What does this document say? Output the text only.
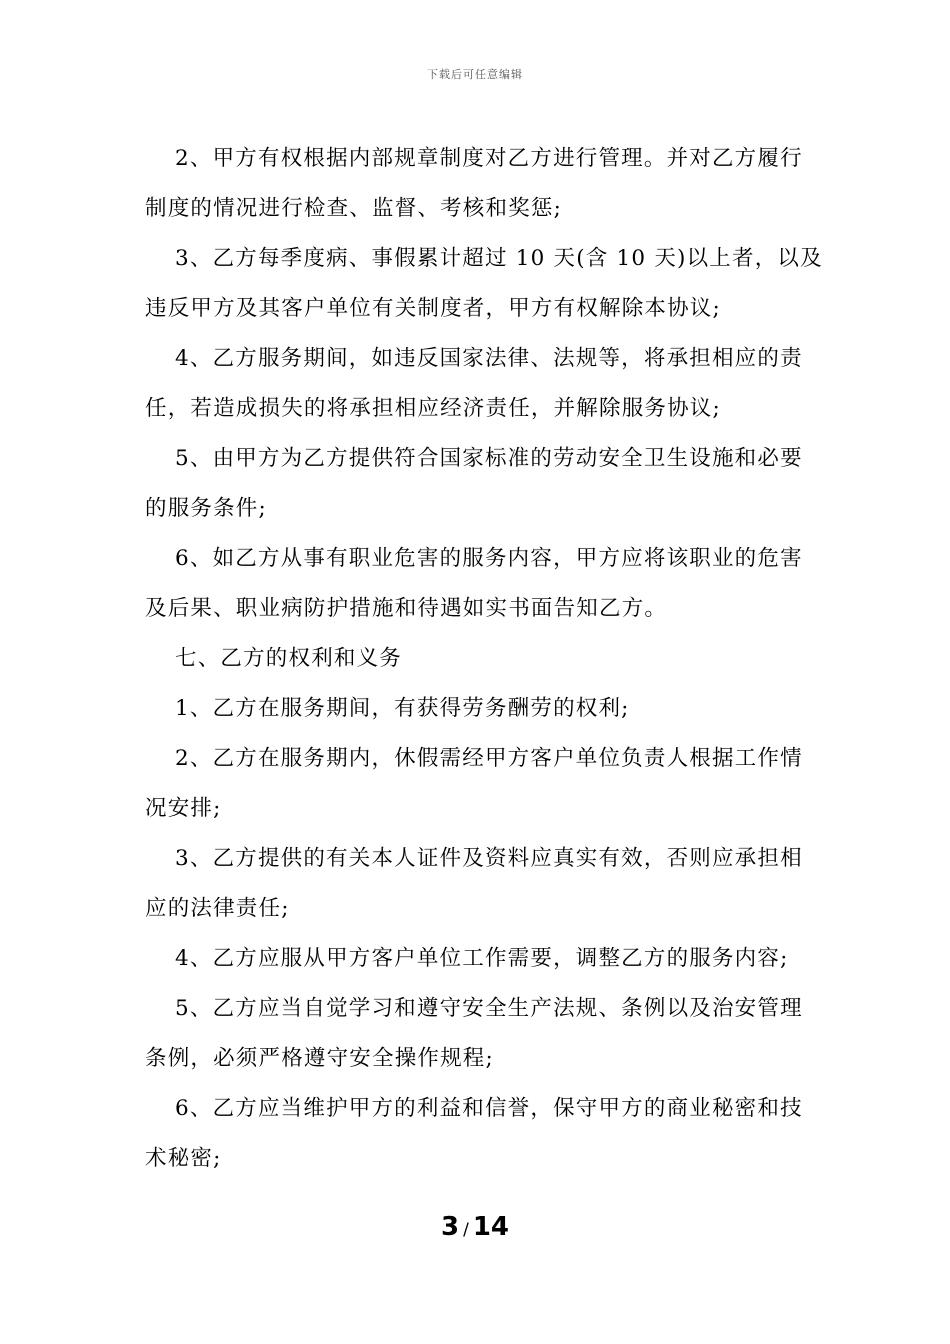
下载后可任意编辑
2、甲方有权根据内部规章制度对乙方进行管理。并对乙方履行
制度的情况进行检查、监督、考核和奖惩;
3、乙方每季度病、事假累计超过 10 天(含 10 天)以上者，以及
违反甲方及其客户单位有关制度者，甲方有权解除本协议;
4、乙方服务期间，如违反国家法律、法规等，将承担相应的责
任，若造成损失的将承担相应经济责任，并解除服务协议;
5、由甲方为乙方提供符合国家标准的劳动安全卫生设施和必要
的服务条件;
6、如乙方从事有职业危害的服务内容，甲方应将该职业的危害
及后果、职业病防护措施和待遇如实书面告知乙方。
七、乙方的权利和义务
1、乙方在服务期间，有获得劳务酬劳的权利;
2、乙方在服务期内，休假需经甲方客户单位负责人根据工作情
况安排;
3、乙方提供的有关本人证件及资料应真实有效，否则应承担相
应的法律责任;
4、乙方应服从甲方客户单位工作需要，调整乙方的服务内容;
5、乙方应当自觉学习和遵守安全生产法规、条例以及治安管理
条例，必须严格遵守安全操作规程;
6、乙方应当维护甲方的利益和信誉，保守甲方的商业秘密和技
术秘密;
3 / 14
